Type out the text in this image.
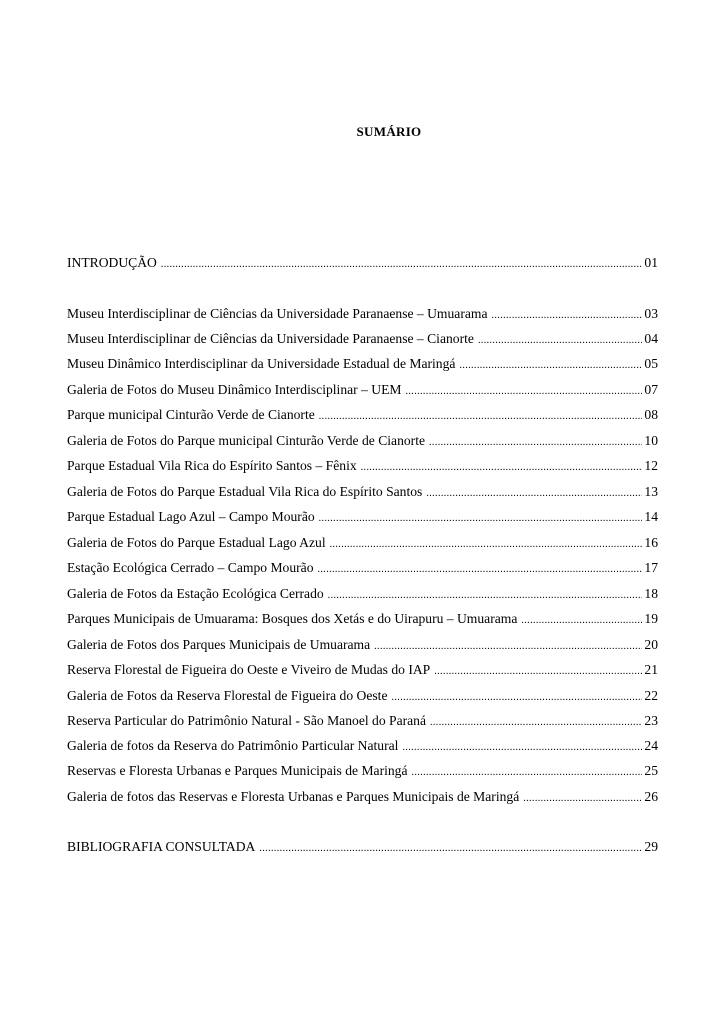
SUMÁRIO
INTRODUÇÃO .....	01
Museu Interdisciplinar de Ciências da Universidade Paranaense – Umuarama .....	03
Museu Interdisciplinar de Ciências da Universidade Paranaense – Cianorte .....	04
Museu Dinâmico Interdisciplinar da Universidade Estadual de Maringá .....	05
Galeria de Fotos do Museu Dinâmico Interdisciplinar – UEM .....	07
Parque municipal Cinturão Verde de Cianorte .....	08
Galeria de Fotos do Parque municipal Cinturão Verde de Cianorte .....	10
Parque Estadual Vila Rica do Espírito Santos – Fênix .....	12
Galeria de Fotos do Parque Estadual Vila Rica do Espírito Santos .....	13
Parque Estadual Lago Azul – Campo Mourão .....	14
Galeria de Fotos do Parque Estadual Lago Azul .....	16
Estação Ecológica Cerrado – Campo Mourão .....	17
Galeria de Fotos da Estação Ecológica Cerrado .....	18
Parques Municipais de Umuarama: Bosques dos Xetás e do Uirapuru – Umuarama .....	19
Galeria de Fotos dos Parques Municipais de Umuarama .....	20
Reserva Florestal de Figueira do Oeste e Viveiro de Mudas do IAP .....	21
Galeria de Fotos da Reserva Florestal de Figueira do Oeste .....	22
Reserva Particular do Patrimônio Natural - São Manoel do Paraná .....	23
Galeria de fotos da Reserva do Patrimônio Particular Natural .....	24
Reservas e Floresta Urbanas e Parques Municipais de Maringá .....	25
Galeria de fotos das Reservas e Floresta Urbanas e Parques Municipais de Maringá .....	26
BIBLIOGRAFIA CONSULTADA .....	29
